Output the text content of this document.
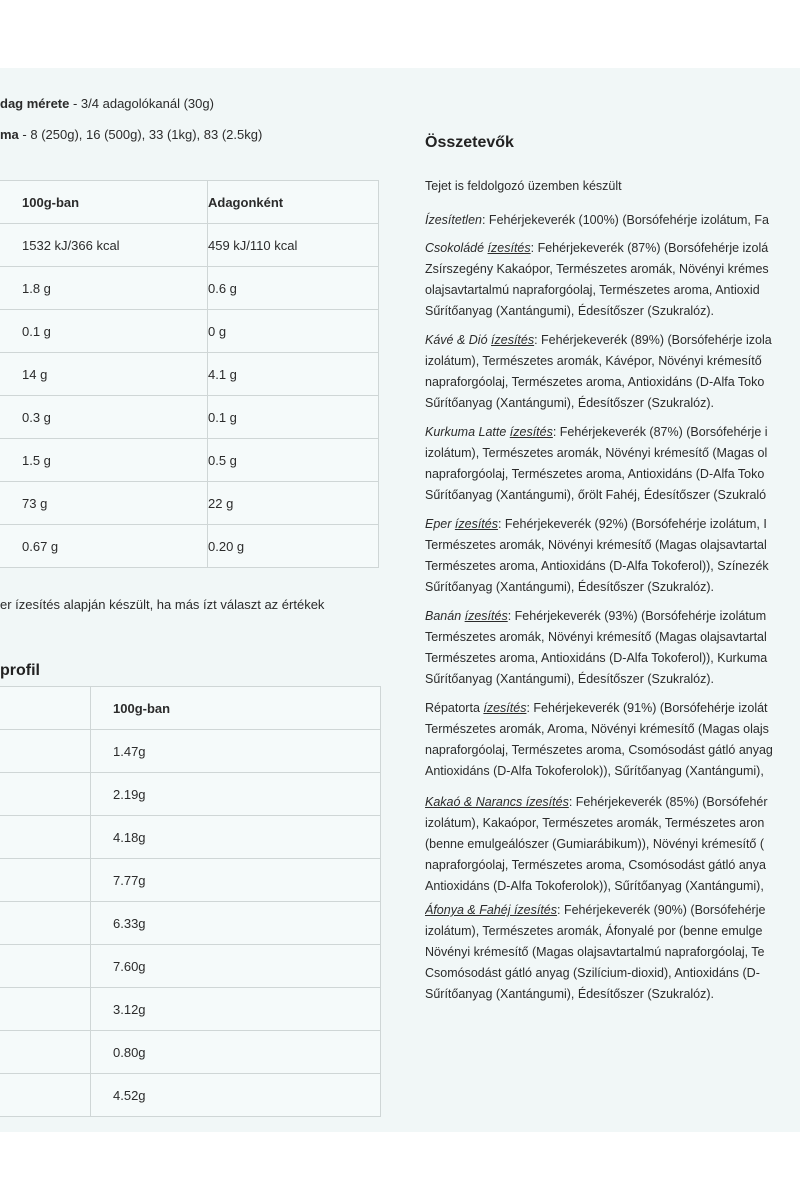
dag mérete - 3/4 adagolókanál (30g)
ma - 8 (250g), 16 (500g), 33 (1kg), 83 (2.5kg)
100g-ban	Adagonként
1532 kJ/366 kcal	459 kJ/110 kcal
1.8 g	0.6 g
0.1 g	0 g
14 g	4.1 g
0.3 g	0.1 g
1.5 g	0.5 g
73 g	22 g
0.67 g	0.20 g
er ízesítés alapján készült, ha más ízt választ az értékek
profil
	100g-ban
	1.47g
	2.19g
	4.18g
	7.77g
	6.33g
	7.60g
	3.12g
	0.80g
	4.52g
Összetevők
Tejet is feldolgozó üzemben készült
Ízesítetlen: Fehérjekeverék (100%) (Borsófehérje izolátum, Fa
Csokoládé ízesítés: Fehérjekeverék (87%) (Borsófehérje izolá
Zsírszegény Kakaópor, Természetes aromák, Növényi krémes
olajsavtartalmú napraforgóolaj, Természetes aroma, Antioxid
Sűrítőanyag (Xantángumi), Édesítőszer (Szukralóz).
Kávé & Dió ízesítés: Fehérjekeverék (89%) (Borsófehérje izola
izolátum), Természetes aromák, Kávépor, Növényi krémesítő
napraforgóolaj, Természetes aroma, Antioxidáns (D-Alfa Toko
Sűrítőanyag (Xantángumi), Édesítőszer (Szukralóz).
Kurkuma Latte ízesítés: Fehérjekeverék (87%) (Borsófehérje i
izolátum), Természetes aromák, Növényi krémesítő (Magas ol
napraforgóolaj, Természetes aroma, Antioxidáns (D-Alfa Toko
Sűrítőanyag (Xantángumi), őrölt Fahéj, Édesítőszer (Szukraló
Eper ízesítés: Fehérjekeverék (92%) (Borsófehérje izolátum, I
Természetes aromák, Növényi krémesítő (Magas olajsavtartal
Természetes aroma, Antioxidáns (D-Alfa Tokoferol)), Színezék
Sűrítőanyag (Xantángumi), Édesítőszer (Szukralóz).
Banán ízesítés: Fehérjekeverék (93%) (Borsófehérje izolátum
Természetes aromák, Növényi krémesítő (Magas olajsavtartal
Természetes aroma, Antioxidáns (D-Alfa Tokoferol)), Kurkuma
Sűrítőanyag (Xantángumi), Édesítőszer (Szukralóz).
Répatorta ízesítés: Fehérjekeverék (91%) (Borsófehérje izolát
Természetes aromák, Aroma, Növényi krémesítő (Magas olajs
napraforgóolaj, Természetes aroma, Csomósodást gátló anyag
Antioxidáns (D-Alfa Tokoferolok)), Sűrítőanyag (Xantángumi),
Kakaó & Narancs ízesítés: Fehérjekeverék (85%) (Borsófehér
izolátum), Kakaópor, Természetes aromák, Természetes aron
(benne emulgeálószer (Gumiarábikum)), Növényi krémesítő (
napraforgóolaj, Természetes aroma, Csomósodást gátló anya
Antioxidáns (D-Alfa Tokoferolok)), Sűrítőanyag (Xantángumi),
Áfonya & Fahéj ízesítés: Fehérjekeverék (90%) (Borsófehérje
izolátum), Természetes aromák, Áfonyalé por (benne emulge
Növényi krémesítő (Magas olajsavtartalmú napraforgóolaj, Te
Csomósodást gátló anyag (Szilícium-dioxid), Antioxidáns (D-
Sűrítőanyag (Xantángumi), Édesítőszer (Szukralóz).
